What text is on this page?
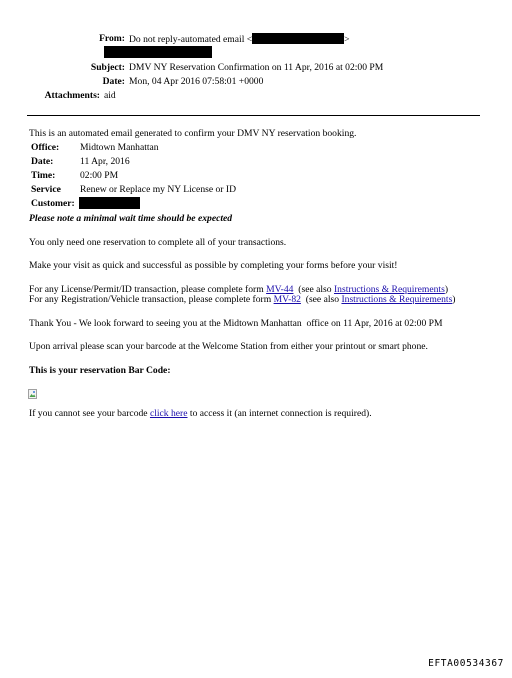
From: Do not reply-automated email <	>
Subject: DMV NY Reservation Confirmation on 11 Apr, 2016 at 02:00 PM
Date: Mon, 04 Apr 2016 07:58:01 +0000
Attachments: aid
This is an automated email generated to confirm your DMV NY reservation booking.
Office: Midtown Manhattan
Date:	11 Apr, 2016
Time:	02:00 PM
Service Renew or Replace my NY License or ID
Customer:
Please note a minimal wait time should be expected
You only need one reservation to complete all of your transactions.
Make your visit as quick and successful as possible by completing your forms before your visit!
For any License/Permit/ID transaction, please complete form MV-44  (see also Instructions & Requirements)
For any Registration/Vehicle transaction, please complete form MV-82  (see also Instructions & Requirements)
Thank You - We look forward to seeing you at the Midtown Manhattan  office on 11 Apr, 2016 at 02:00 PM
Upon arrival please scan your barcode at the Welcome Station from either your printout or smart phone.
This is your reservation Bar Code:
If you cannot see your barcode click here to access it (an internet connection is required).
EFTA00534367
